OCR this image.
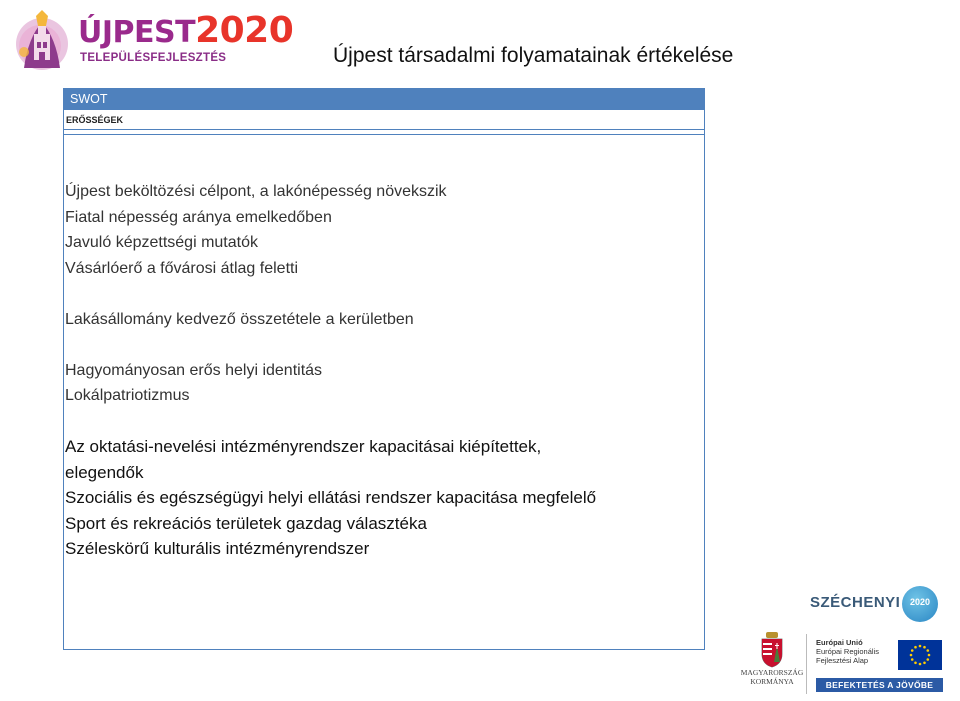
ÚJPEST2020
TELEPÜLÉSFEJLESZTÉS	Újpest társadalmi folyamatainak értékelése
SWOT
ERŐSSÉGEK
Újpest beköltözési célpont, a lakónépesség növekszik
Fiatal népesség aránya emelkedőben
Javuló képzettségi mutatók
Vásárlóerő a fővárosi átlag feletti
Lakásállomány kedvező összetétele a kerületben
Hagyományosan erős helyi identitás
Lokálpatriotizmus
Az oktatási-nevelési intézményrendszer kapacitásai kiépítettek,
elegendők
Szociális és egészségügyi helyi ellátási rendszer kapacitása megfelelő
Sport és rekreációs területek gazdag választéka
Széleskörű kulturális intézményrendszer
SZÉCHENYI	2020
MAGYARORSZÁG
KORMÁNYA
Európai Unió
Európai Regionális
Fejlesztési Alap
BEFEKTETÉS A JÖVŐBE
